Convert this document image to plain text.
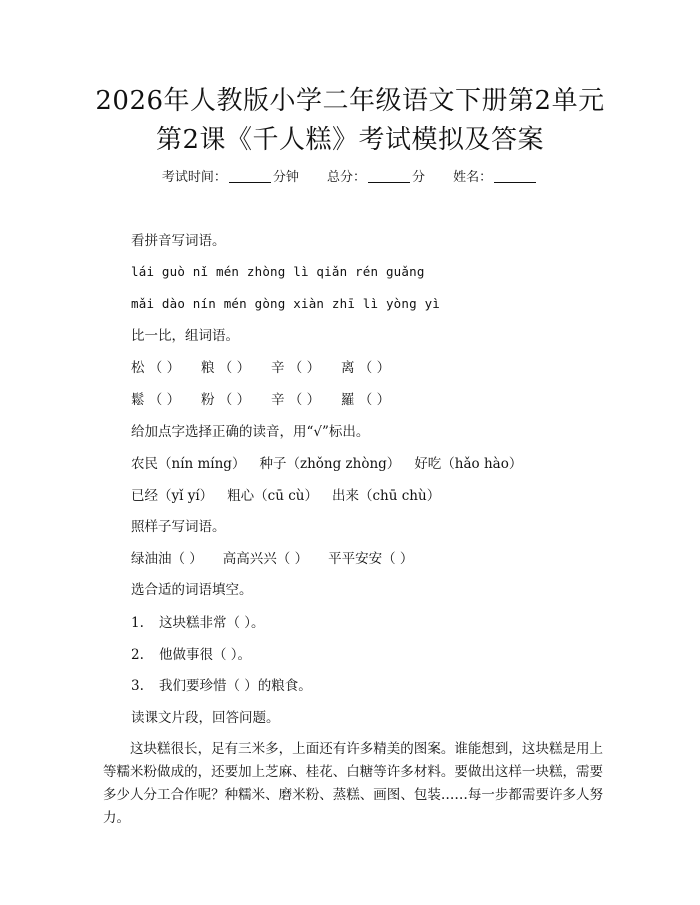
2026年人教版小学二年级语文下册第2单元
第2课《千人糕》考试模拟及答案
考试时间：	分钟 总分：	分 姓名：
看拼音写词语。
lái guò nǐ mén zhòng lì qiǎn rén guǎng
mǎi dào nín mén gòng xiàn zhī lì yòng yì
比一比，组词语。
松 （ ） 粮 （ ） 辛 （ ） 离 （ ）
鬆 （ ） 粉 （ ） 辛 （ ） 羅 （ ）
给加点字选择正确的读音，用“√”标出。
农民（nín míng） 种子（zhǒng zhòng） 好吃（hǎo hào）
已经（yǐ yí） 粗心（cū cù） 出来（chū chù）
照样子写词语。
绿油油（ ） 高高兴兴（ ） 平平安安（ ）
选合适的词语填空。
1. 这块糕非常（ ）。
2. 他做事很（ ）。
3. 我们要珍惜（ ）的粮食。
读课文片段，回答问题。
这块糕很长，足有三米多，上面还有许多精美的图案。谁能想到，这块糕是用上等糯米粉做成的，还要加上芝麻、桂花、白糖等许多材料。要做出这样一块糕，需要多少人分工合作呢？种糯米、磨米粉、蒸糕、画图、包装……每一步都需要许多人努力。
